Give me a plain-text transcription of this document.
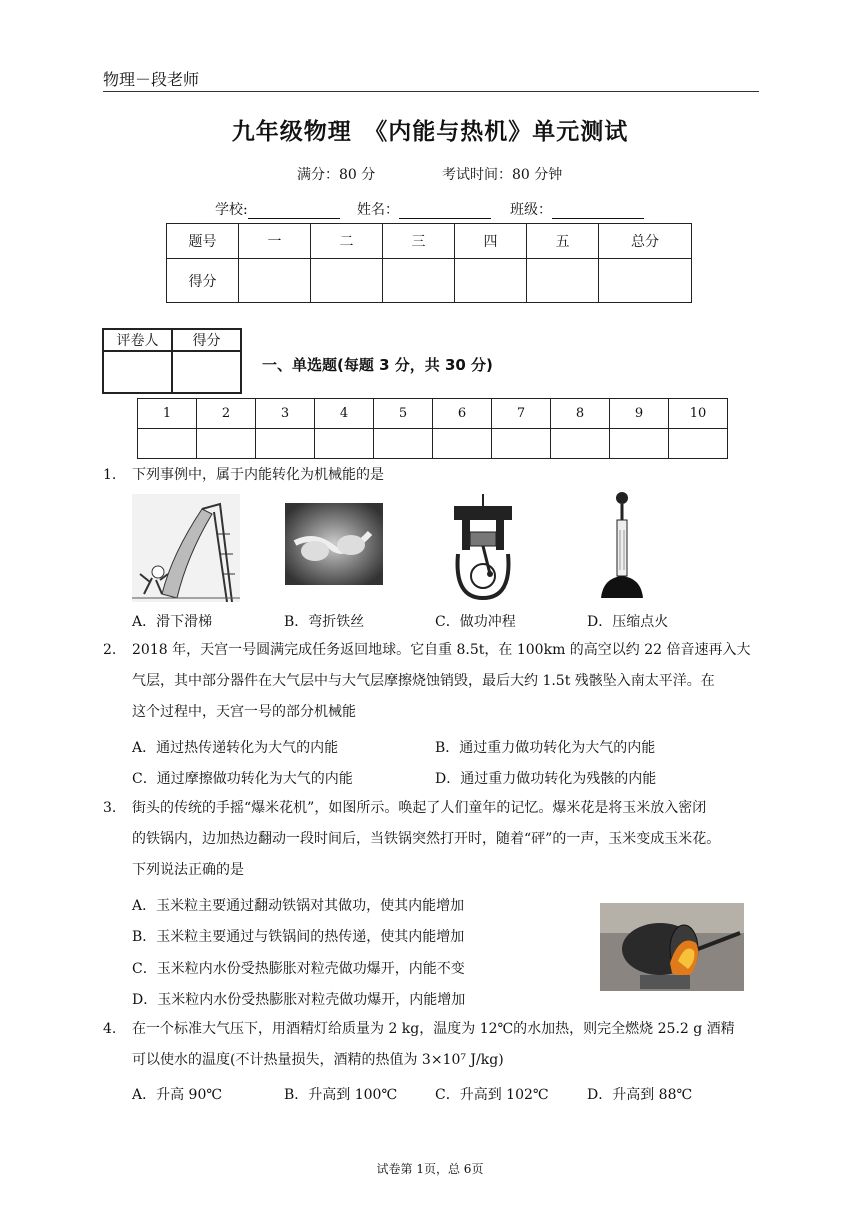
物理－段老师
九年级物理　《内能与热机》单元测试
满分：80 分	考试时间：80 分钟
学校:	姓名：	班级：
题号	一	二	三	四	五	总分
得分						
评卷人	得分

一、单选题(每题 3 分，共 30 分)
1	2	3	4	5	6	7	8	9	10

1. 下列事例中，属于内能转化为机械能的是
A．滑下滑梯	B．弯折铁丝	C．做功冲程	D．压缩点火
2. 2018 年，天宫一号圆满完成任务返回地球。它自重 8.5t，在 100km 的高空以约 22 倍音速再入大
气层，其中部分器件在大气层中与大气层摩擦烧蚀销毁，最后大约 1.5t 残骸坠入南太平洋。在
这个过程中，天宫一号的部分机械能
A．通过热传递转化为大气的内能	B．通过重力做功转化为大气的内能
C．通过摩擦做功转化为大气的内能	D．通过重力做功转化为残骸的内能
3. 街头的传统的手摇“爆米花机”，如图所示。唤起了人们童年的记忆。爆米花是将玉米放入密闭
的铁锅内，边加热边翻动一段时间后，当铁锅突然打开时，随着“砰”的一声，玉米变成玉米花。
下列说法正确的是
A．玉米粒主要通过翻动铁锅对其做功，使其内能增加
B．玉米粒主要通过与铁锅间的热传递，使其内能增加
C．玉米粒内水份受热膨胀对粒壳做功爆开，内能不变
D．玉米粒内水份受热膨胀对粒壳做功爆开，内能增加
4. 在一个标准大气压下，用酒精灯给质量为 2 kg，温度为 12℃的水加热，则完全燃烧 25.2 g 酒精
可以使水的温度(不计热量损失，酒精的热值为 3×10⁷ J/kg)
A．升高 90℃	B．升高到 100℃	C．升高到 102℃	D．升高到 88℃
试卷第 1页，总 6页
